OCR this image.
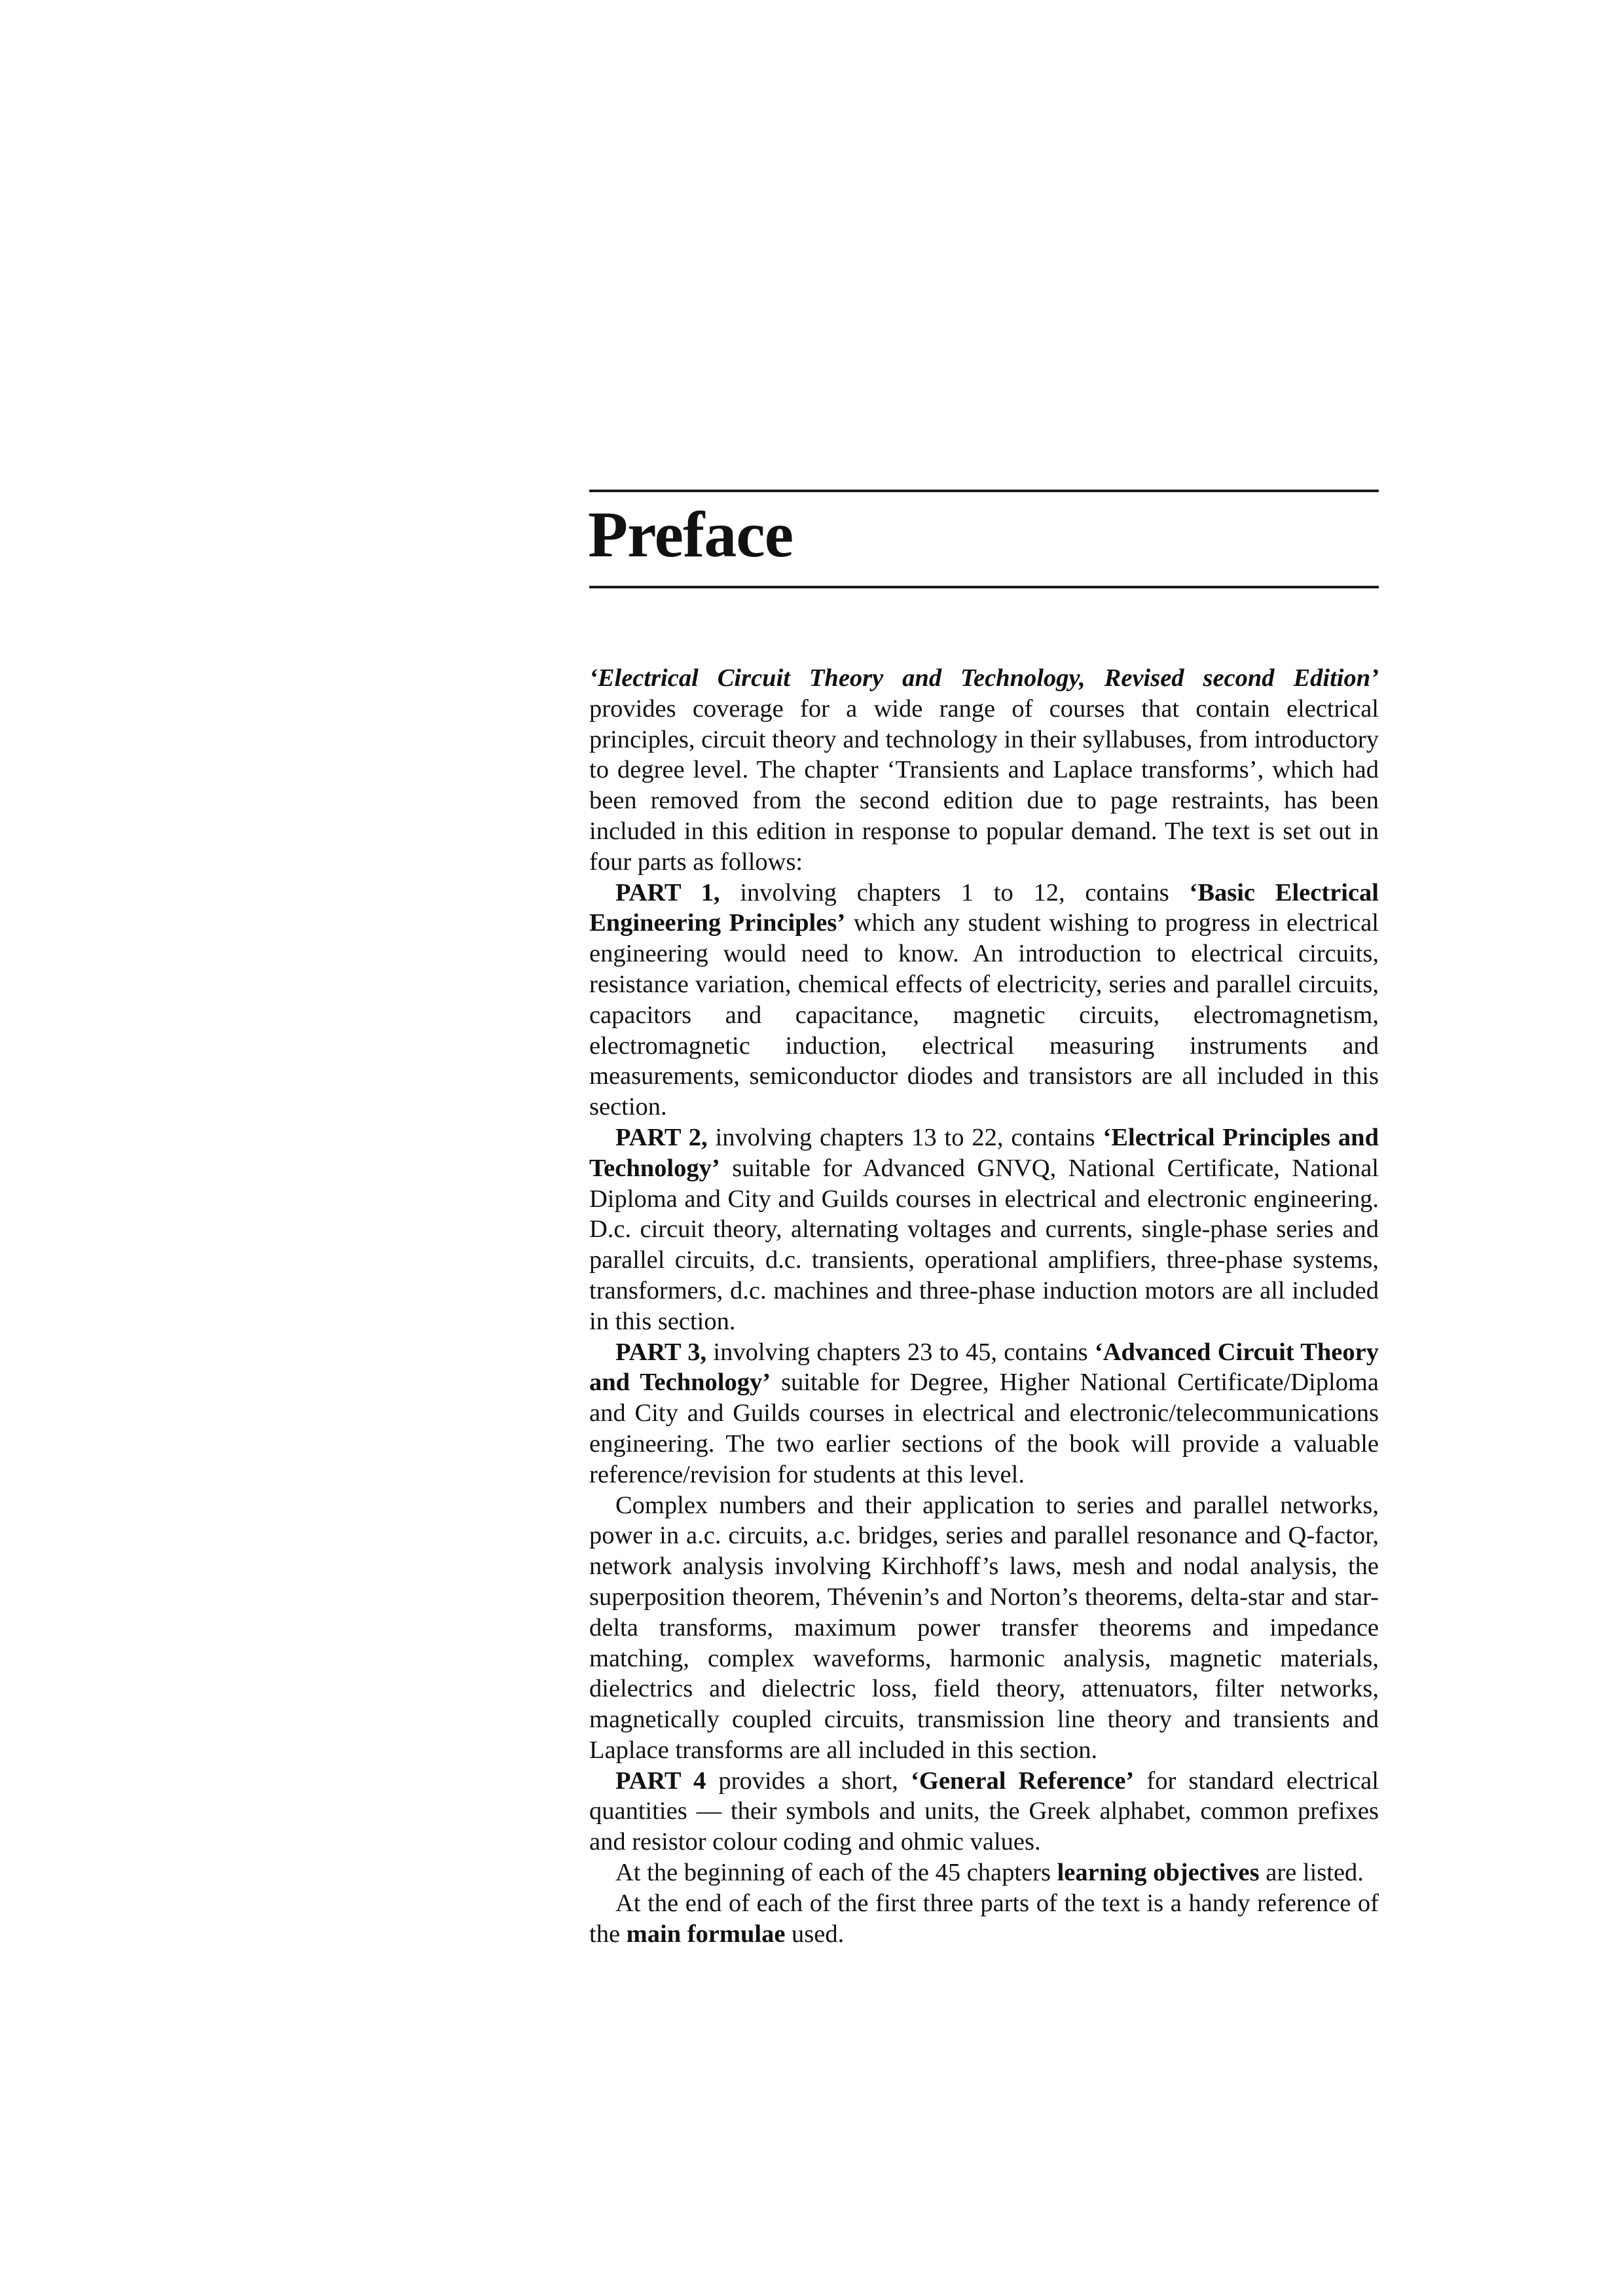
Preface

‘Electrical Circuit Theory and Technology, Revised second Edition’ provides coverage for a wide range of courses that contain electrical principles, circuit theory and technology in their syllabuses, from introductory to degree level. The chapter ‘Transients and Laplace transforms’, which had been removed from the second edition due to page restraints, has been included in this edition in response to popular demand. The text is set out in four parts as follows:

PART 1, involving chapters 1 to 12, contains ‘Basic Electrical Engineering Principles’ which any student wishing to progress in electrical engineering would need to know. An introduction to electrical circuits, resistance variation, chemical effects of electricity, series and parallel circuits, capacitors and capacitance, magnetic circuits, electromagnetism, electromagnetic induction, electrical measuring instruments and measurements, semiconductor diodes and transistors are all included in this section.

PART 2, involving chapters 13 to 22, contains ‘Electrical Principles and Technology’ suitable for Advanced GNVQ, National Certificate, National Diploma and City and Guilds courses in electrical and electronic engineering. D.c. circuit theory, alternating voltages and currents, single-phase series and parallel circuits, d.c. transients, operational amplifiers, three-phase systems, transformers, d.c. machines and three-phase induction motors are all included in this section.

PART 3, involving chapters 23 to 45, contains ‘Advanced Circuit Theory and Technology’ suitable for Degree, Higher National Certificate/Diploma and City and Guilds courses in electrical and electronic/telecommunications engineering. The two earlier sections of the book will provide a valuable reference/revision for students at this level.

Complex numbers and their application to series and parallel networks, power in a.c. circuits, a.c. bridges, series and parallel resonance and Q-factor, network analysis involving Kirchhoff’s laws, mesh and nodal analysis, the superposition theorem, Thévenin’s and Norton’s theorems, delta-star and star-delta transforms, maximum power transfer theorems and impedance matching, complex waveforms, harmonic analysis, magnetic materials, dielectrics and dielectric loss, field theory, attenuators, filter networks, magnetically coupled circuits, transmission line theory and transients and Laplace transforms are all included in this section.

PART 4 provides a short, ‘General Reference’ for standard electrical quantities — their symbols and units, the Greek alphabet, common prefixes and resistor colour coding and ohmic values.

At the beginning of each of the 45 chapters learning objectives are listed.

At the end of each of the first three parts of the text is a handy reference of the main formulae used.
